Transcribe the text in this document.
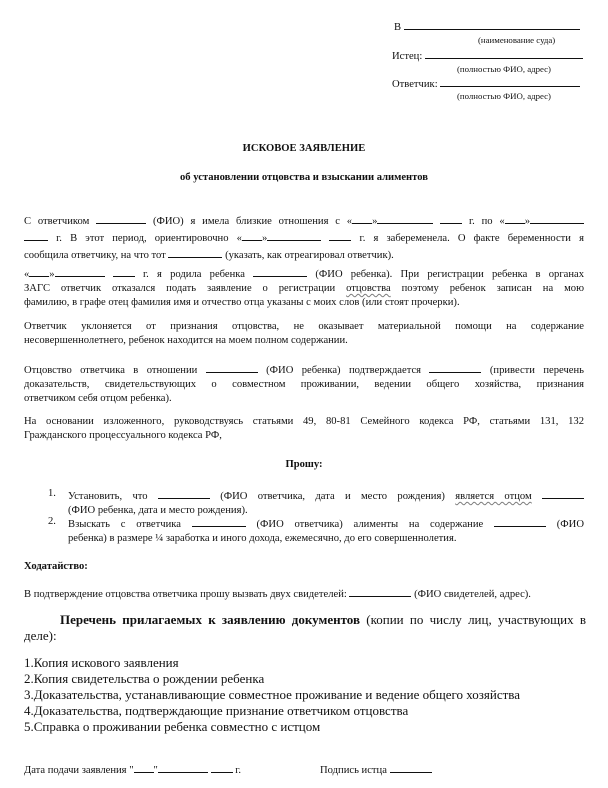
В
(наименование суда)
Истец:
(полностью ФИО, адрес)
Ответчик:
(полностью ФИО, адрес)
ИСКОВОЕ ЗАЯВЛЕНИЕ
об установлении отцовства и взыскании алиментов
С ответчиком	(ФИО) я имела близкие отношения с « »	г. по « »
г. В этот период, ориентировочно « »	г. я забеременела. О факте беременности я
сообщила ответчику, на что тот	(указать, как отреагировал ответчик).
« »	г. я родила ребенка	(ФИО ребенка). При регистрации ребенка в органах
ЗАГС ответчик отказался подать заявление о регистрации отцовства поэтому ребенок записан на мою
фамилию, в графе отец фамилия имя и отчество отца указаны с моих слов (или стоят прочерки).
Ответчик уклоняется от признания отцовства, не оказывает материальной помощи на содержание
несовершеннолетнего, ребенок находится на моем полном содержании.
Отцовство ответчика в отношении	(ФИО ребенка) подтверждается	(привести перечень
доказательств, свидетельствующих о совместном проживании, ведении общего хозяйства, признания
ответчиком себя отцом ребенка).
На основании изложенного, руководствуясь статьями 49, 80-81 Семейного кодекса РФ, статьями 131, 132
Гражданского процессуального кодекса РФ,
Прошу:
1. Установить, что	(ФИО ответчика, дата и место рождения) является отцом
(ФИО ребенка, дата и место рождения).
2. Взыскать с ответчика	(ФИО ответчика) алименты на содержание	(ФИО
ребенка) в размере ¼ заработка и иного дохода, ежемесячно, до его совершеннолетия.
Ходатайство:
В подтверждение отцовства ответчика прошу вызвать двух свидетелей:	(ФИО свидетелей, адрес).
Перечень прилагаемых к заявлению документов (копии по числу лиц, участвующих в
деле):
1.Копия искового заявления
2.Копия свидетельства о рождении ребенка
3.Доказательства, устанавливающие совместное проживание и ведение общего хозяйства
4.Доказательства, подтверждающие признание ответчиком отцовства
5.Справка о проживании ребенка совместно с истцом
Дата подачи заявления " "	г.	Подпись истца
